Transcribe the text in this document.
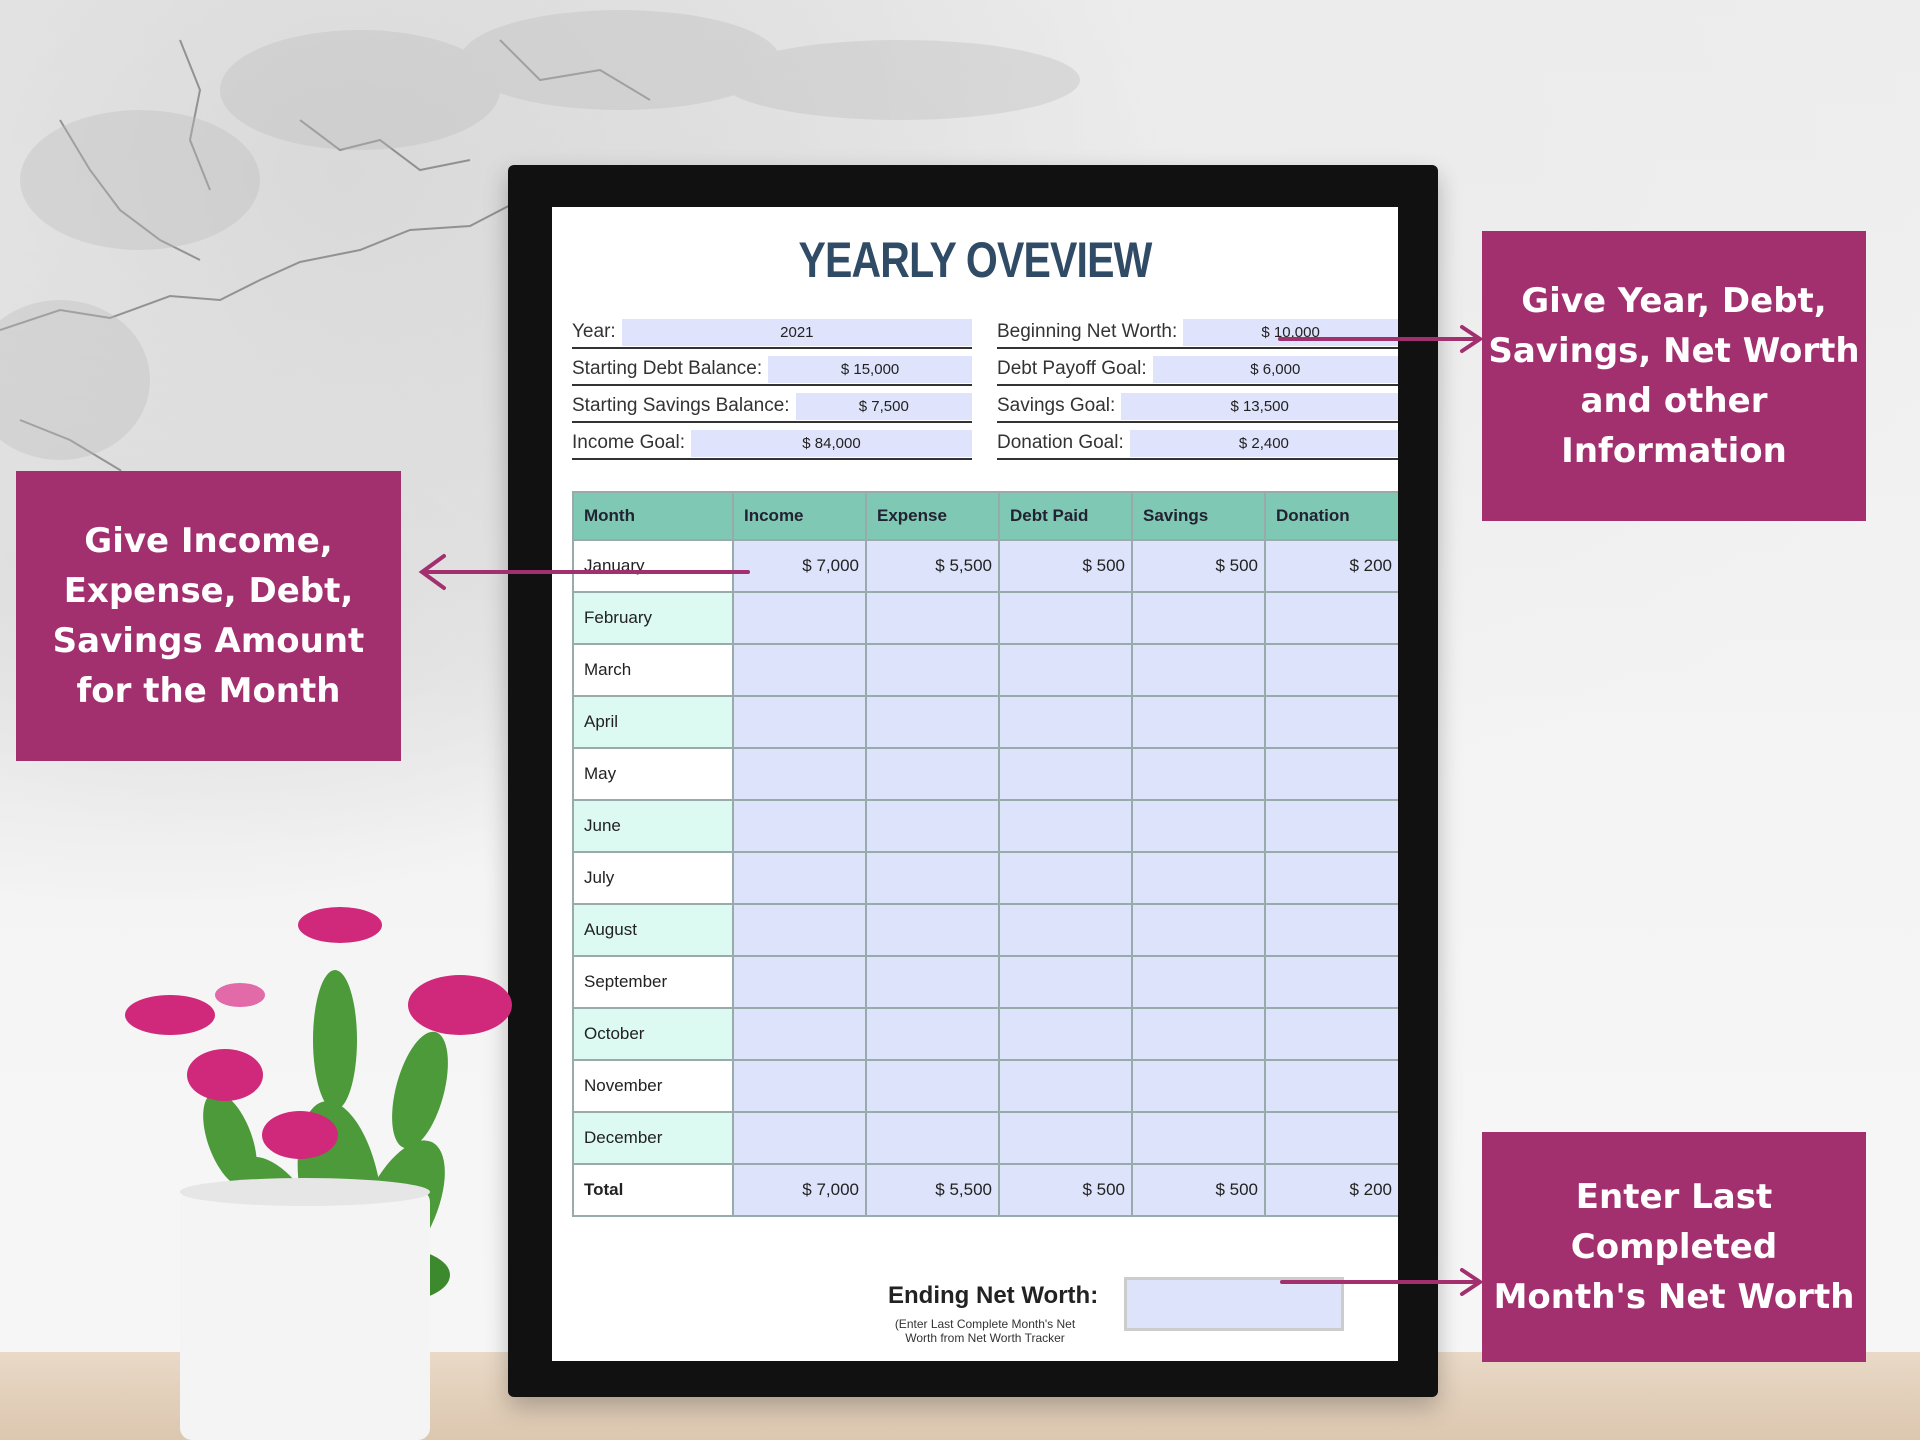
YEARLY OVEVIEW
Year:	2021
Starting Debt Balance:	$ 15,000
Starting Savings Balance:	$ 7,500
Income Goal:	$ 84,000
Beginning Net Worth:	$ 10,000
Debt Payoff Goal:	$ 6,000
Savings Goal:	$ 13,500
Donation Goal:	$ 2,400
Month	Income	Expense	Debt Paid	Savings	Donation
January	$ 7,000	$ 5,500	$ 500	$ 500	$ 200
February					
March					
April					
May					
June					
July					
August					
September					
October					
November					
December					
Total	$ 7,000	$ 5,500	$ 500	$ 500	$ 200
Ending Net Worth:
(Enter Last Complete Month's Net Worth from Net Worth Tracker
Give Year, Debt,
Savings, Net Worth
and other
Information
Give Income,
Expense, Debt,
Savings Amount
for the Month
Enter Last
Completed
Month's Net Worth
